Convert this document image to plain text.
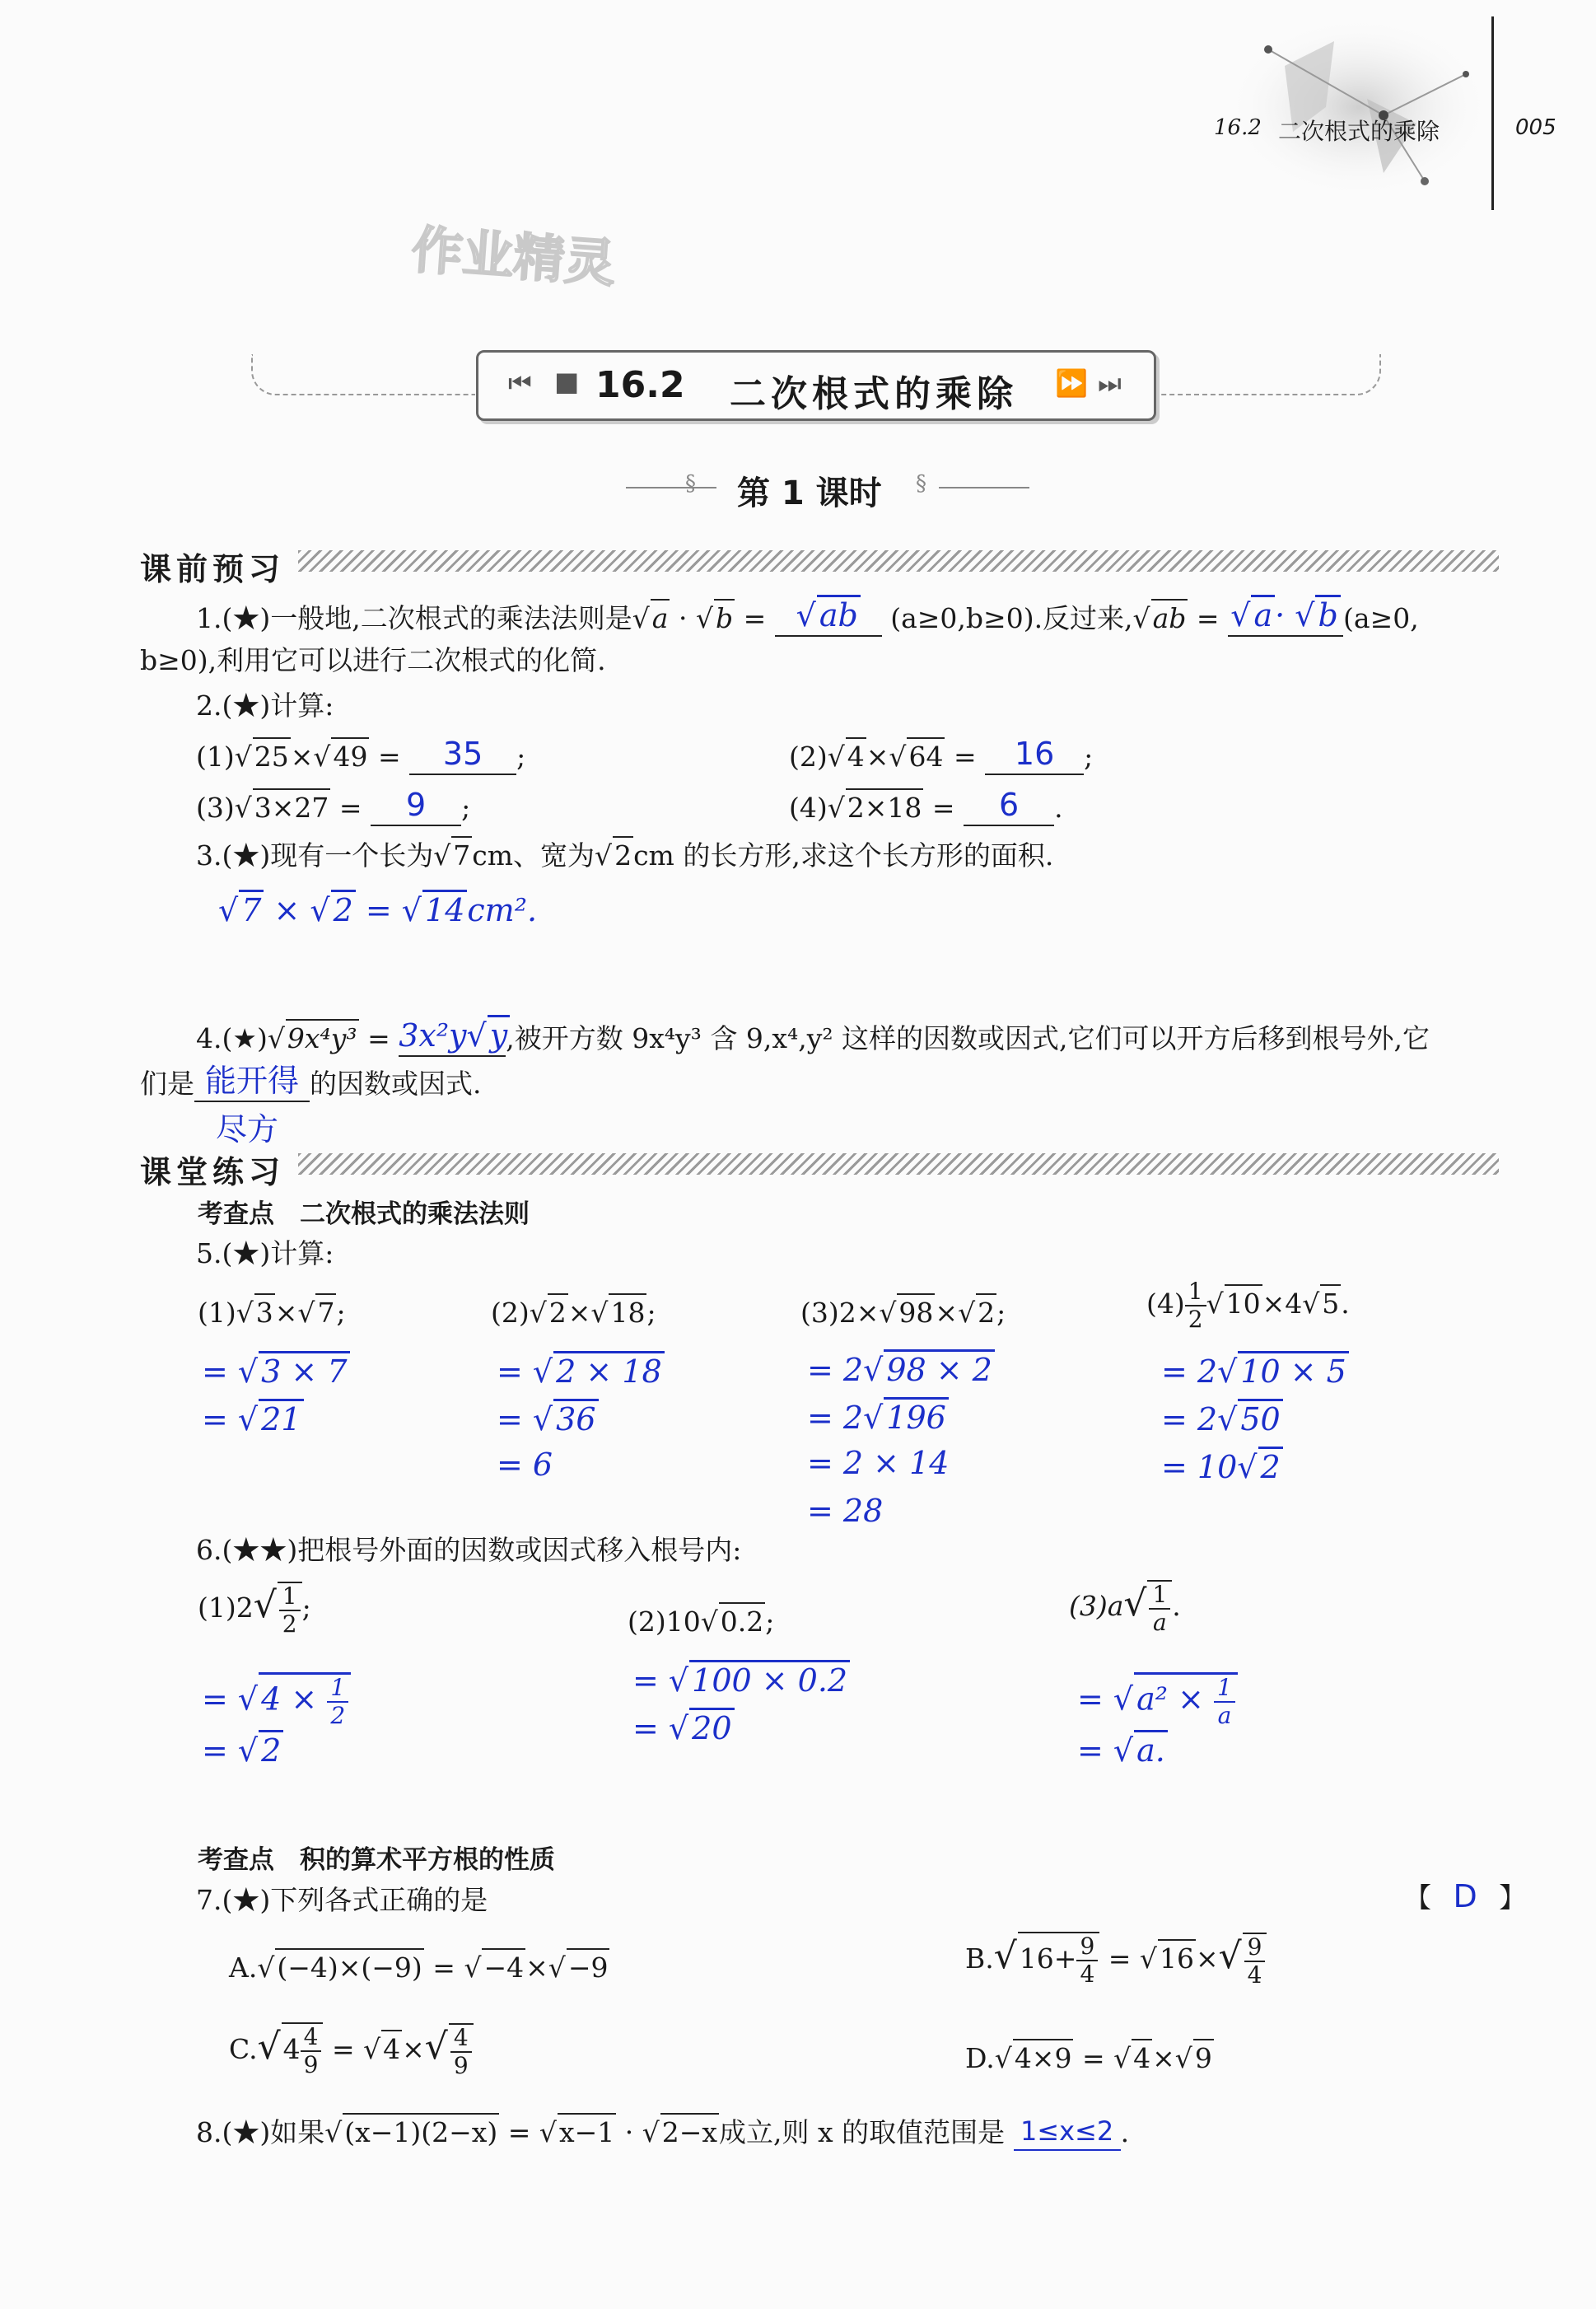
16.2 二次根式的乘除	005
作业精灵
⏮ ■ 16.2 二次根式的乘除 ⏩ ⏭
§ 第 1 课时 §
课前预习
1.(★)一般地,二次根式的乘法法则是√a · √b = √ ab (a≥0,b≥0).反过来,√ab = √ a· √ b (a≥0,
b≥0),利用它可以进行二次根式的化简.
2.(★)计算:
(1)√25×√49 = 35 ;	(2)√4×√64 = 16 ;
(3)√3×27 = 9 ;	(4)√2×18 = 6 .
3.(★)现有一个长为√7cm、宽为√2cm 的长方形,求这个长方形的面积.
√ 7 × √ 2 = √ 14cm².
4.(★)√9x⁴y³ = 3x²y√ y,被开方数 9x⁴y³ 含 9,x⁴,y² 这样的因数或因式,它们可以开方后移到根号外,它
们是 能开得 的因数或因式.
尽方
课堂练习
考查点　二次根式的乘法法则
5.(★)计算:
(1)√3×√7;
= √ 3 × 7
= √ 21
(2)√2×√18;
= √ 2 × 18
= √ 36
= 6
(3)2×√98×√2;
= 2√ 98 × 2
= 2√ 196
= 2 × 14
= 28
$(4) \frac{1}{2} √10\times 4√5$.
= 2√ 10 × 5
= 2√ 50
= 10√ 2
6.(★★)把根号外面的因数或因式移入根号内:
$(1)2√ \frac{1}{2}$ ;
= √ $4 \times \frac{1}{2}$
= √ 2
(2)10√0.2;
= √ 100 × 0.2
= √ 20
$(3)a√ \frac{1}{a}$ .
= √ $a^2 \times \frac{1}{a}$
= √ a.
考查点　积的算术平方根的性质
7.(★)下列各式正确的是	【 D 】
A.√(−4)×(−9) = √−4×√−9	$B.√16+ \frac{9}{4} = √16\times√ \frac{9}{4}$
$C.√4 \frac{4}{9} = √4\times√ \frac{4}{9}$	D.√4×9 = √4×√9
8.(★)如果√(x−1)(2−x) = √x−1 · √2−x成立,则 x 的取值范围是 1≤x≤2 .
